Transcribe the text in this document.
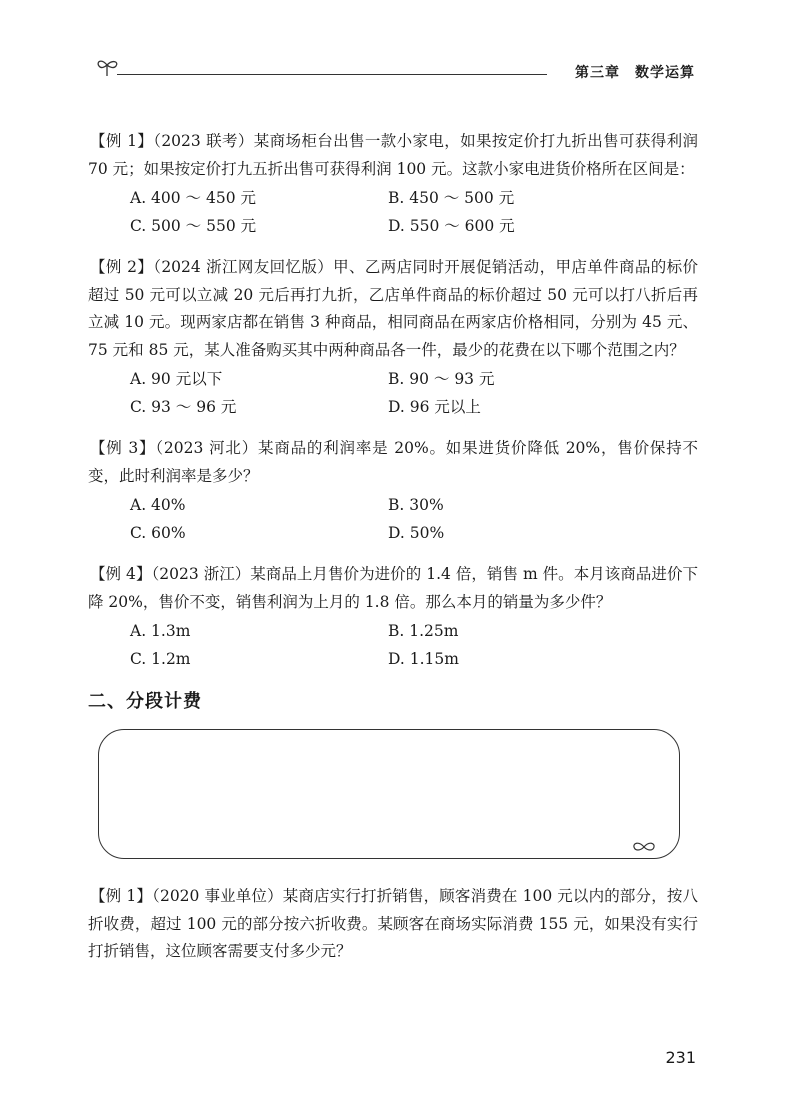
第三章　数学运算

【例 1】（2023 联考）某商场柜台出售一款小家电，如果按定价打九折出售可获得利润 70 元；如果按定价打九五折出售可获得利润 100 元。这款小家电进货价格所在区间是：

A. 400 ～ 450 元	B. 450 ～ 500 元
C. 500 ～ 550 元	D. 550 ～ 600 元

【例 2】（2024 浙江网友回忆版）甲、乙两店同时开展促销活动，甲店单件商品的标价超过 50 元可以立减 20 元后再打九折，乙店单件商品的标价超过 50 元可以打八折后再立减 10 元。现两家店都在销售 3 种商品，相同商品在两家店价格相同，分别为 45 元、75 元和 85 元，某人准备购买其中两种商品各一件，最少的花费在以下哪个范围之内？

A. 90 元以下	B. 90 ～ 93 元
C. 93 ～ 96 元	D. 96 元以上

【例 3】（2023 河北）某商品的利润率是 20%。如果进货价降低 20%，售价保持不变，此时利润率是多少？

A. 40%	B. 30%
C. 60%	D. 50%

【例 4】（2023 浙江）某商品上月售价为进价的 1.4 倍，销售 m 件。本月该商品进价下降 20%，售价不变，销售利润为上月的 1.8 倍。那么本月的销量为多少件？

A. 1.3m	B. 1.25m
C. 1.2m	D. 1.15m
二、分段计费

【例 1】（2020 事业单位）某商店实行打折销售，顾客消费在 100 元以内的部分，按八折收费，超过 100 元的部分按六折收费。某顾客在商场实际消费 155 元，如果没有实行打折销售，这位顾客需要支付多少元？

231
